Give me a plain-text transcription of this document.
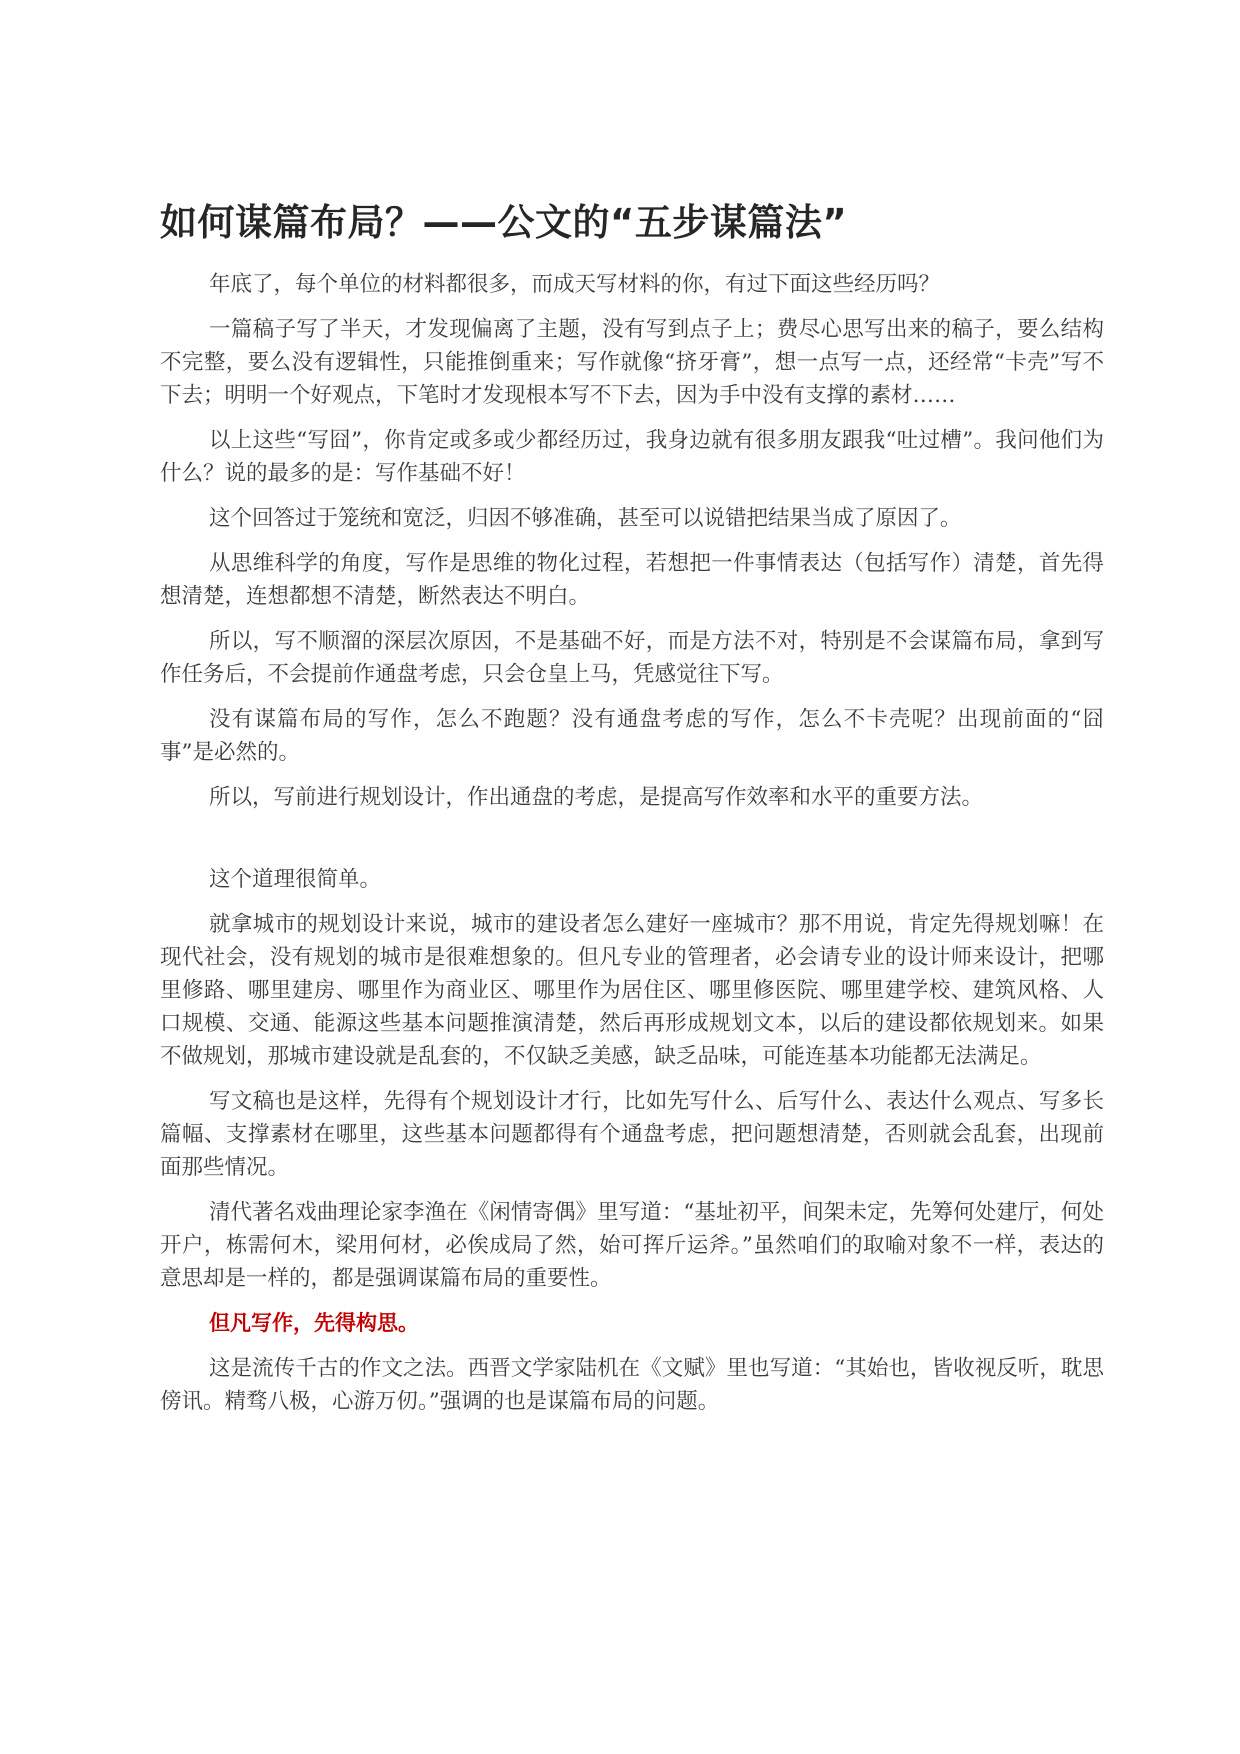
如何谋篇布局？——公文的“五步谋篇法”

年底了，每个单位的材料都很多，而成天写材料的你，有过下面这些经历吗？

一篇稿子写了半天，才发现偏离了主题，没有写到点子上；费尽心思写出来的稿子，要么结构不完整，要么没有逻辑性，只能推倒重来；写作就像“挤牙膏”，想一点写一点，还经常“卡壳”写不下去；明明一个好观点，下笔时才发现根本写不下去，因为手中没有支撑的素材……

以上这些“写囧”，你肯定或多或少都经历过，我身边就有很多朋友跟我“吐过槽”。我问他们为什么？说的最多的是：写作基础不好！

这个回答过于笼统和宽泛，归因不够准确，甚至可以说错把结果当成了原因了。

从思维科学的角度，写作是思维的物化过程，若想把一件事情表达（包括写作）清楚，首先得想清楚，连想都想不清楚，断然表达不明白。

所以，写不顺溜的深层次原因，不是基础不好，而是方法不对，特别是不会谋篇布局，拿到写作任务后，不会提前作通盘考虑，只会仓皇上马，凭感觉往下写。

没有谋篇布局的写作，怎么不跑题？没有通盘考虑的写作，怎么不卡壳呢？出现前面的“囧事”是必然的。

所以，写前进行规划设计，作出通盘的考虑，是提高写作效率和水平的重要方法。

这个道理很简单。

就拿城市的规划设计来说，城市的建设者怎么建好一座城市？那不用说，肯定先得规划嘛！在现代社会，没有规划的城市是很难想象的。但凡专业的管理者，必会请专业的设计师来设计，把哪里修路、哪里建房、哪里作为商业区、哪里作为居住区、哪里修医院、哪里建学校、建筑风格、人口规模、交通、能源这些基本问题推演清楚，然后再形成规划文本，以后的建设都依规划来。如果不做规划，那城市建设就是乱套的，不仅缺乏美感，缺乏品味，可能连基本功能都无法满足。

写文稿也是这样，先得有个规划设计才行，比如先写什么、后写什么、表达什么观点、写多长篇幅、支撑素材在哪里，这些基本问题都得有个通盘考虑，把问题想清楚，否则就会乱套，出现前面那些情况。

清代著名戏曲理论家李渔在《闲情寄偶》里写道：“基址初平，间架未定，先筹何处建厅，何处开户，栋需何木，梁用何材，必俟成局了然，始可挥斤运斧。”虽然咱们的取喻对象不一样，表达的意思却是一样的，都是强调谋篇布局的重要性。

但凡写作，先得构思。

这是流传千古的作文之法。西晋文学家陆机在《文赋》里也写道：“其始也，皆收视反听，耽思傍讯。精骛八极，心游万仞。”强调的也是谋篇布局的问题。
